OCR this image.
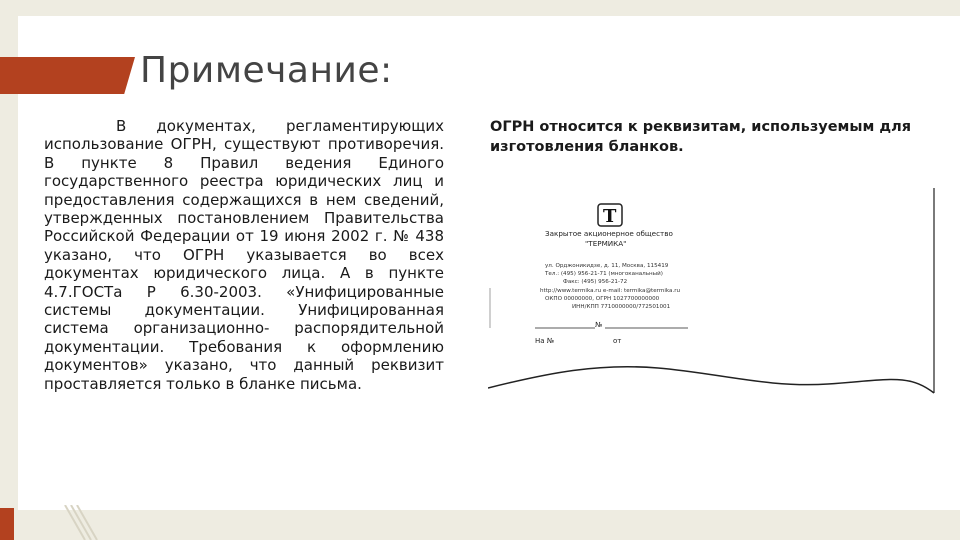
Примечание:

В документах, регламентирующих использование ОГРН, существуют противоречия. В пункте 8 Правил ведения Единого государственного реестра юридических лиц и предоставления содержащихся в нем сведений, утвержденных постановлением Правительства Российской Федерации от 19 июня 2002 г. № 438 указано, что ОГРН указывается во всех документах юридического лица. А в пункте 4.7.ГОСТа Р 6.30-2003. «Унифицированные системы документации. Унифицированная система организационно- распорядительной документации. Требования к оформлению документов» указано, что данный реквизит проставляется только в бланке письма.

ОГРН относится к реквизитам, используемым для изготовления бланков.

T
Закрытое акционерное общество
"ТЕРМИКА"
ул. Орджоникидзе, д. 11, Москва, 115419
Тел.: (495) 956-21-71 (многоканальный)
Факс: (495) 956-21-72
http://www.termika.ru e-mail: termika@termika.ru
ОКПО 00000000, ОГРН 1027700000000
ИНН/КПП 7710000000/772501001
№
На №	от
